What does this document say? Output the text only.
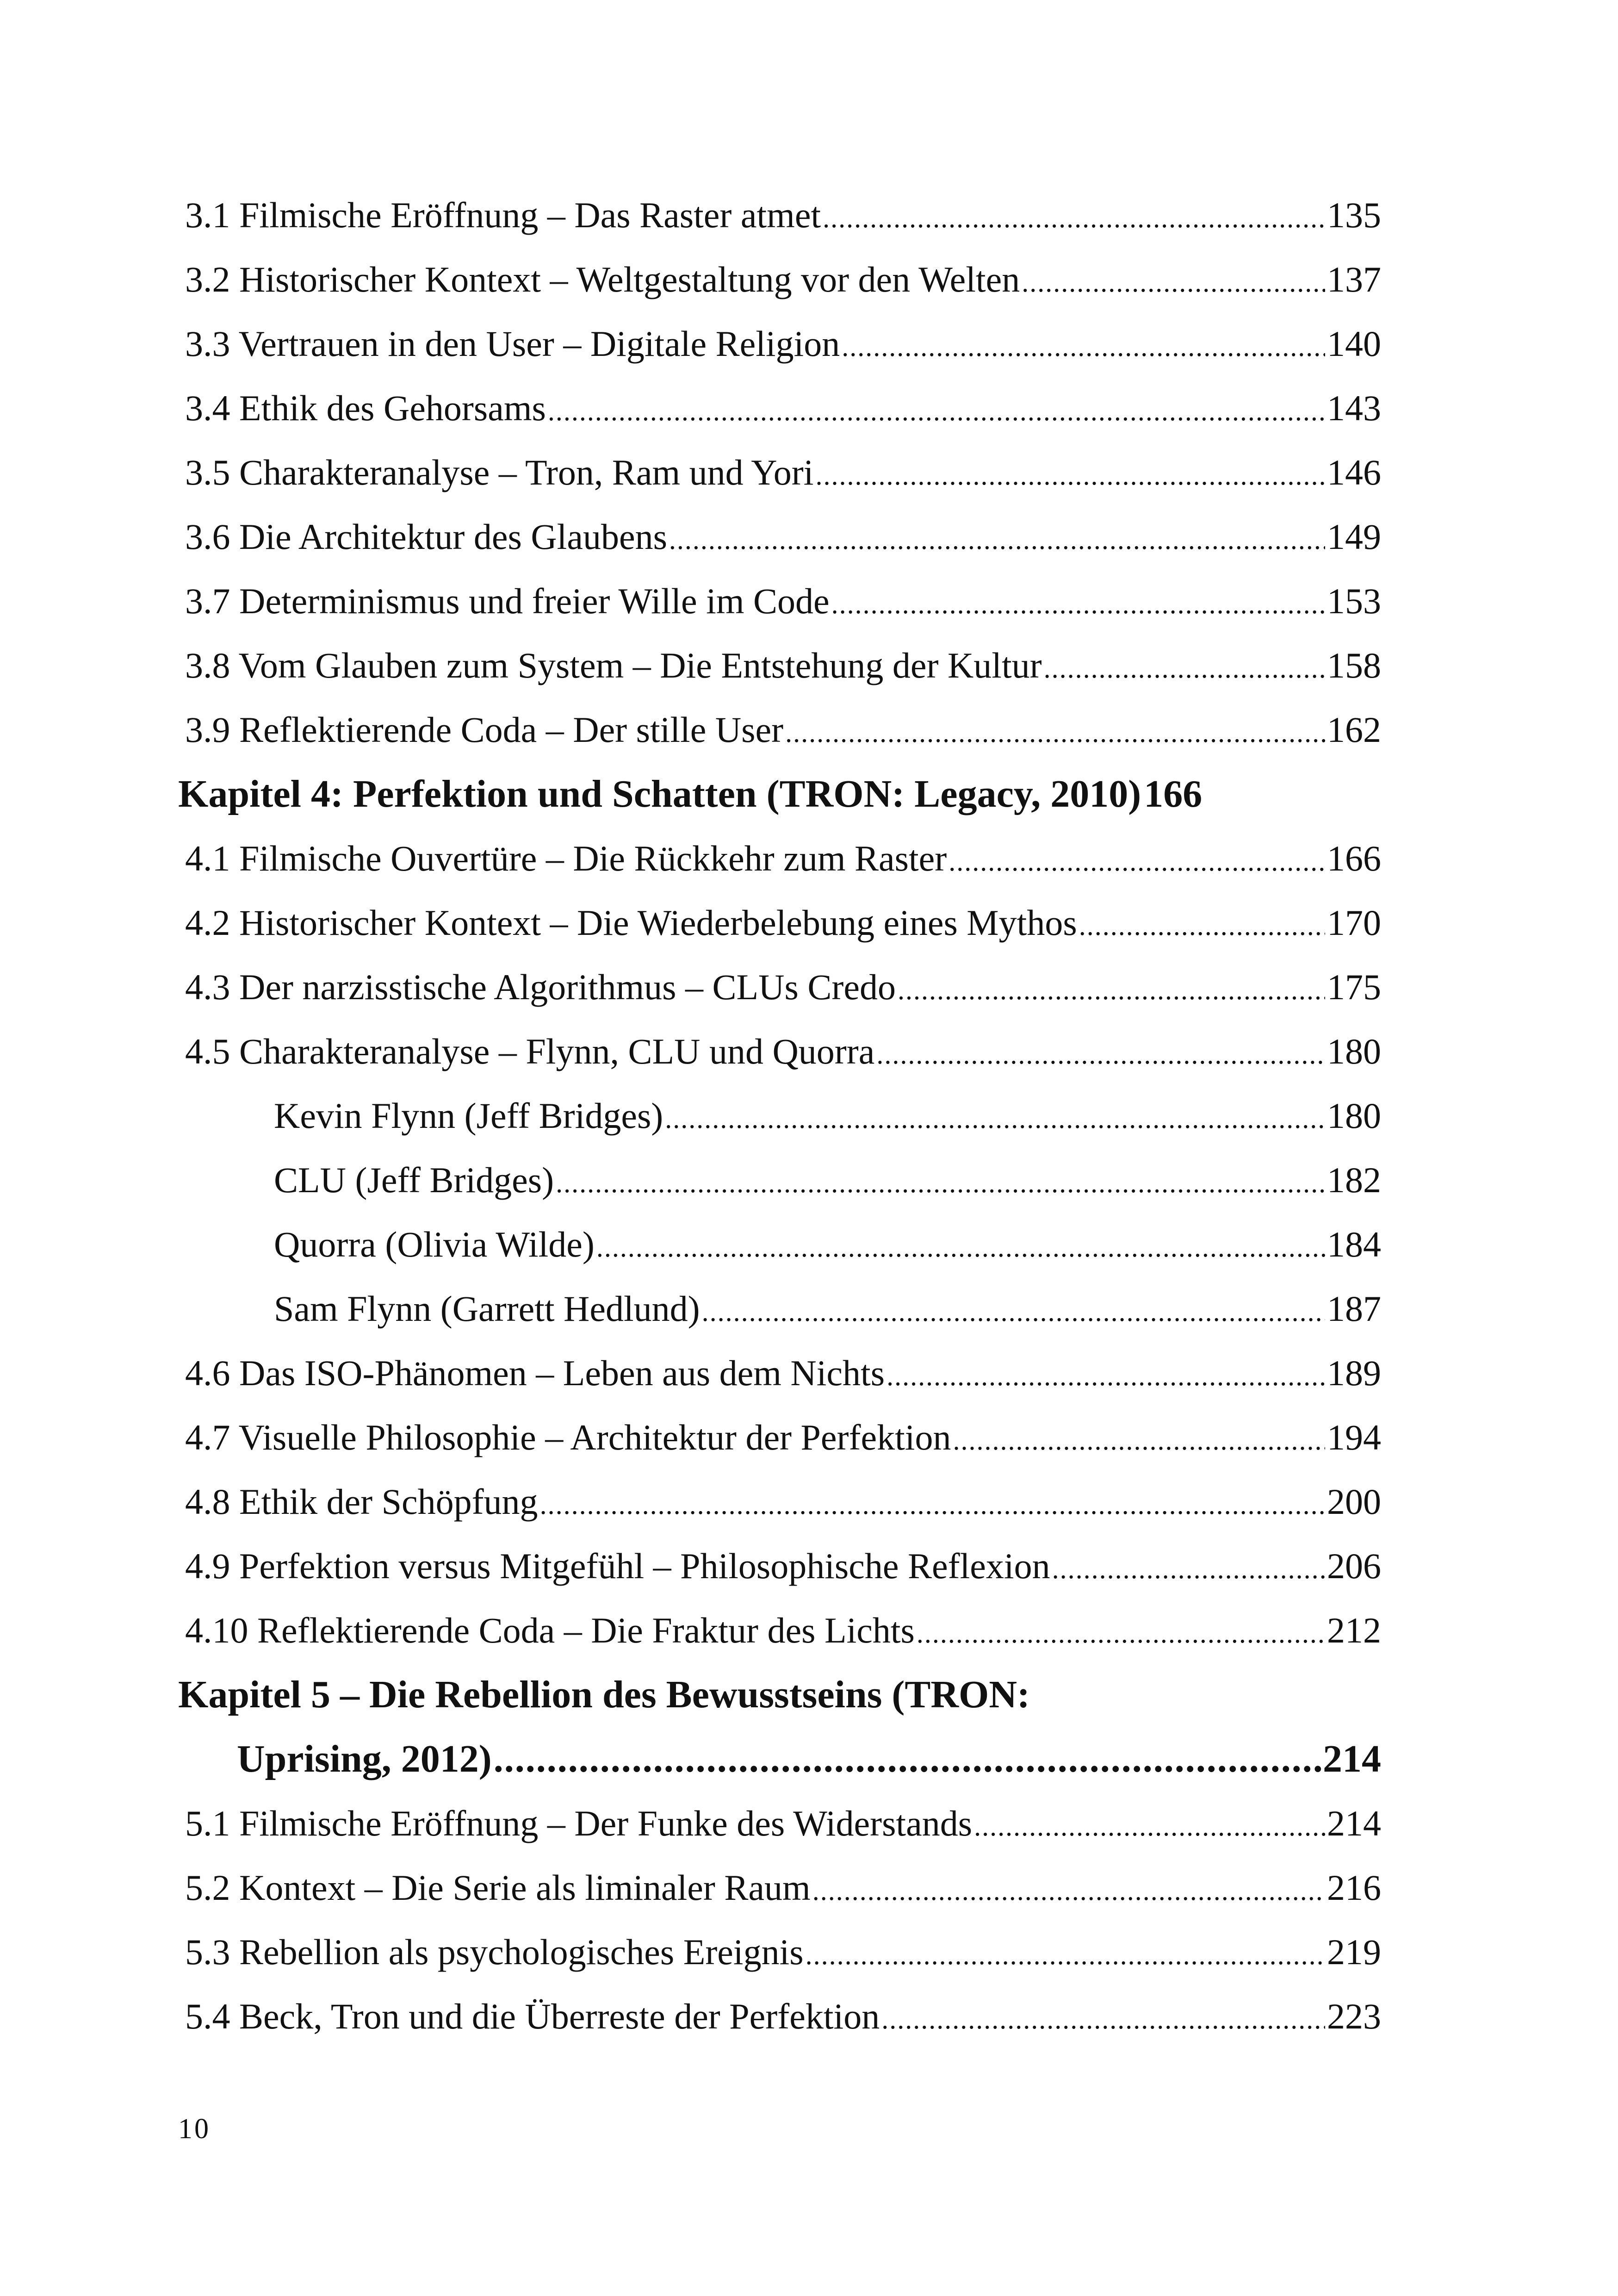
3.1 Filmische Eröffnung – Das Raster atmet .....	135
3.2 Historischer Kontext – Weltgestaltung vor den Welten .....	137
3.3 Vertrauen in den User – Digitale Religion .....	140
3.4 Ethik des Gehorsams .....	143
3.5 Charakteranalyse – Tron, Ram und Yori .....	146
3.6 Die Architektur des Glaubens .....	149
3.7 Determinismus und freier Wille im Code .....	153
3.8 Vom Glauben zum System – Die Entstehung der Kultur .....	158
3.9 Reflektierende Coda – Der stille User .....	162
Kapitel 4: Perfektion und Schatten (TRON: Legacy, 2010) 166
4.1 Filmische Ouvertüre – Die Rückkehr zum Raster .....	166
4.2 Historischer Kontext – Die Wiederbelebung eines Mythos .....	170
4.3 Der narzisstische Algorithmus – CLUs Credo .....	175
4.5 Charakteranalyse – Flynn, CLU und Quorra .....	180
Kevin Flynn (Jeff Bridges) .....	180
CLU (Jeff Bridges) .....	182
Quorra (Olivia Wilde) .....	184
Sam Flynn (Garrett Hedlund) .....	187
4.6 Das ISO-Phänomen – Leben aus dem Nichts .....	189
4.7 Visuelle Philosophie – Architektur der Perfektion .....	194
4.8 Ethik der Schöpfung .....	200
4.9 Perfektion versus Mitgefühl – Philosophische Reflexion .....	206
4.10 Reflektierende Coda – Die Fraktur des Lichts .....	212
Kapitel 5 – Die Rebellion des Bewusstseins (TRON:
Uprising, 2012) .....	214
5.1 Filmische Eröffnung – Der Funke des Widerstands .....	214
5.2 Kontext – Die Serie als liminaler Raum .....	216
5.3 Rebellion als psychologisches Ereignis .....	219
5.4 Beck, Tron und die Überreste der Perfektion .....	223
10
